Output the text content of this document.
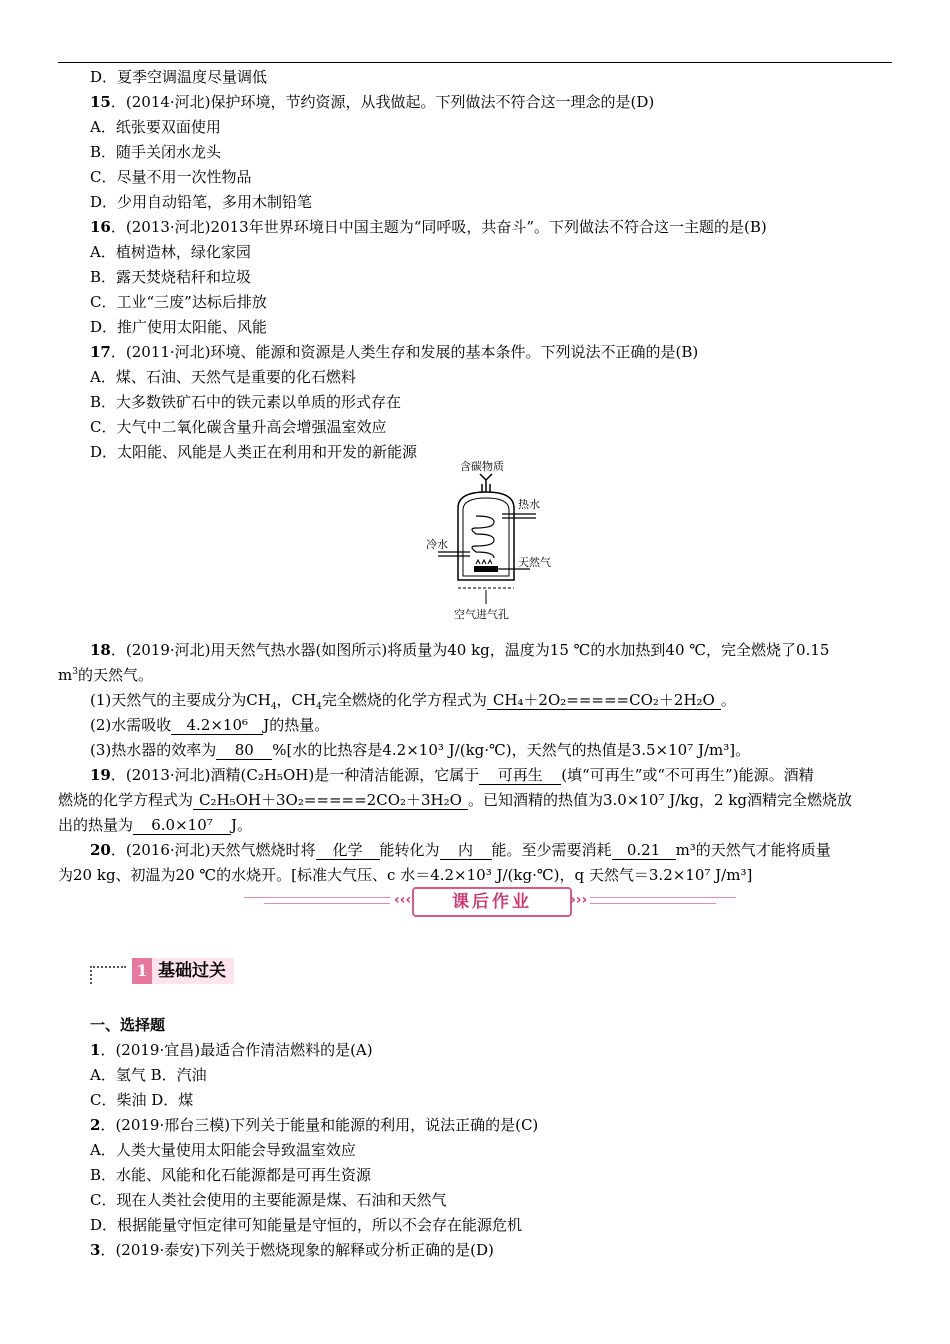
D．夏季空调温度尽量调低
15．(2014·河北)保护环境，节约资源，从我做起。下列做法不符合这一理念的是(D)
A．纸张要双面使用
B．随手关闭水龙头
C．尽量不用一次性物品
D．少用自动铅笔，多用木制铅笔
16．(2013·河北)2013年世界环境日中国主题为“同呼吸，共奋斗”。下列做法不符合这一主题的是(B)
A．植树造林，绿化家园
B．露天焚烧秸秆和垃圾
C．工业“三废”达标后排放
D．推广使用太阳能、风能
17．(2011·河北)环境、能源和资源是人类生存和发展的基本条件。下列说法不正确的是(B)
A．煤、石油、天然气是重要的化石燃料
B．大多数铁矿石中的铁元素以单质的形式存在
C．大气中二氧化碳含量升高会增强温室效应
D．太阳能、风能是人类正在利用和开发的新能源
含碳物质
热水
冷水
天然气
空气进气孔
18．(2019·河北)用天然气热水器(如图所示)将质量为40 kg，温度为15 ℃的水加热到40 ℃，完全燃烧了0.15
$m^3$的天然气。
(1)天然气的主要成分为$CH_4$，$CH_4$完全燃烧的化学方程式为 CH₄＋2O₂=====CO₂＋2H₂O 。
(2)水需吸收 4.2×10⁶ J的热量。
(3)热水器的效率为 80 %[水的比热容是4.2×10³ J/(kg·℃)，天然气的热值是3.5×10⁷ J/m³]。
19．(2013·河北)酒精(C₂H₅OH)是一种清洁能源，它属于 可再生 (填“可再生”或“不可再生”)能源。酒精
燃烧的化学方程式为 C₂H₅OH＋3O₂=====2CO₂＋3H₂O 。已知酒精的热值为3.0×10⁷ J/kg，2 kg酒精完全燃烧放
出的热量为 6.0×10⁷ J。
20．(2016·河北)天然气燃烧时将 化学 能转化为 内 能。至少需要消耗 0.21 m³的天然气才能将质量
为20 kg、初温为20 ℃的水烧开。[标准大气压、c 水＝4.2×10³ J/(kg·℃)，q 天然气＝3.2×10⁷ J/m³]
‹‹‹	课后作业	›››
1 基础过关
一、选择题
1．(2019·宜昌)最适合作清洁燃料的是(A)
A．氢气 B．汽油
C．柴油 D．煤
2．(2019·邢台三模)下列关于能量和能源的利用，说法正确的是(C)
A．人类大量使用太阳能会导致温室效应
B．水能、风能和化石能源都是可再生资源
C．现在人类社会使用的主要能源是煤、石油和天然气
D．根据能量守恒定律可知能量是守恒的，所以不会存在能源危机
3．(2019·泰安)下列关于燃烧现象的解释或分析正确的是(D)
